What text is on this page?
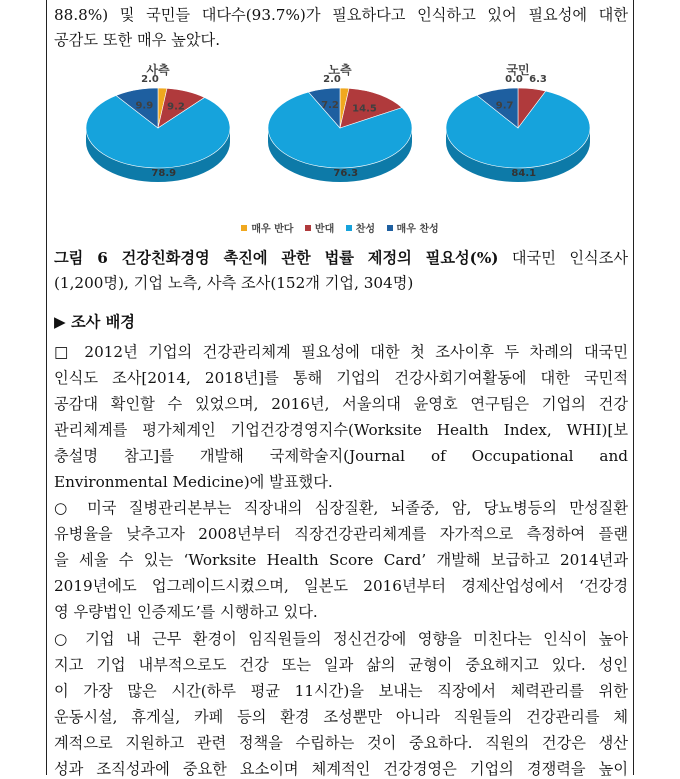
88.8%) 및 국민들 대다수(93.7%)가 필요하다고 인식하고 있어 필요성에 대한
공감도 또한 매우 높았다.
사측
2.0
9.2
78.9
9.9
노측
2.0
14.5
76.3
7.2
국민
0.0 6.3
84.1
9.7
매우 반다
반대
찬성
매우 찬성
그림 6 건강친화경영 촉진에 관한 법률 제정의 필요성(%) 대국민 인식조사
(1,200명), 기업 노측, 사측 조사(152개 기업, 304명)
▶ 조사 배경
□ 2012년 기업의 건강관리체계 필요성에 대한 첫 조사이후 두 차례의 대국민
인식도 조사[2014, 2018년]를 통해 기업의 건강사회기여활동에 대한 국민적
공감대 확인할 수 있었으며, 2016년, 서울의대 윤영호 연구팀은 기업의 건강
관리체계를 평가체계인 기업건강경영지수(Worksite Health Index, WHI)[보
충설명 참고]를 개발해 국제학술지(Journal of Occupational and
Environmental Medicine)에 발표했다.
○ 미국 질병관리본부는 직장내의 심장질환, 뇌졸중, 암, 당뇨병등의 만성질환
유병율을 낮추고자 2008년부터 직장건강관리체계를 자가적으로 측정하여 플랜
을 세울 수 있는 ‘Worksite Health Score Card’ 개발해 보급하고 2014년과
2019년에도 업그레이드시켰으며, 일본도 2016년부터 경제산업성에서 ‘건강경
영 우량법인 인증제도’를 시행하고 있다.
○ 기업 내 근무 환경이 임직원들의 정신건강에 영향을 미친다는 인식이 높아
지고 기업 내부적으로도 건강 또는 일과 삶의 균형이 중요해지고 있다. 성인
이 가장 많은 시간(하루 평균 11시간)을 보내는 직장에서 체력관리를 위한
운동시설, 휴게실, 카페 등의 환경 조성뿐만 아니라 직원들의 건강관리를 체
계적으로 지원하고 관련 정책을 수립하는 것이 중요하다. 직원의 건강은 생산
성과 조직성과에 중요한 요소이며 체계적인 건강경영은 기업의 경쟁력을 높이
